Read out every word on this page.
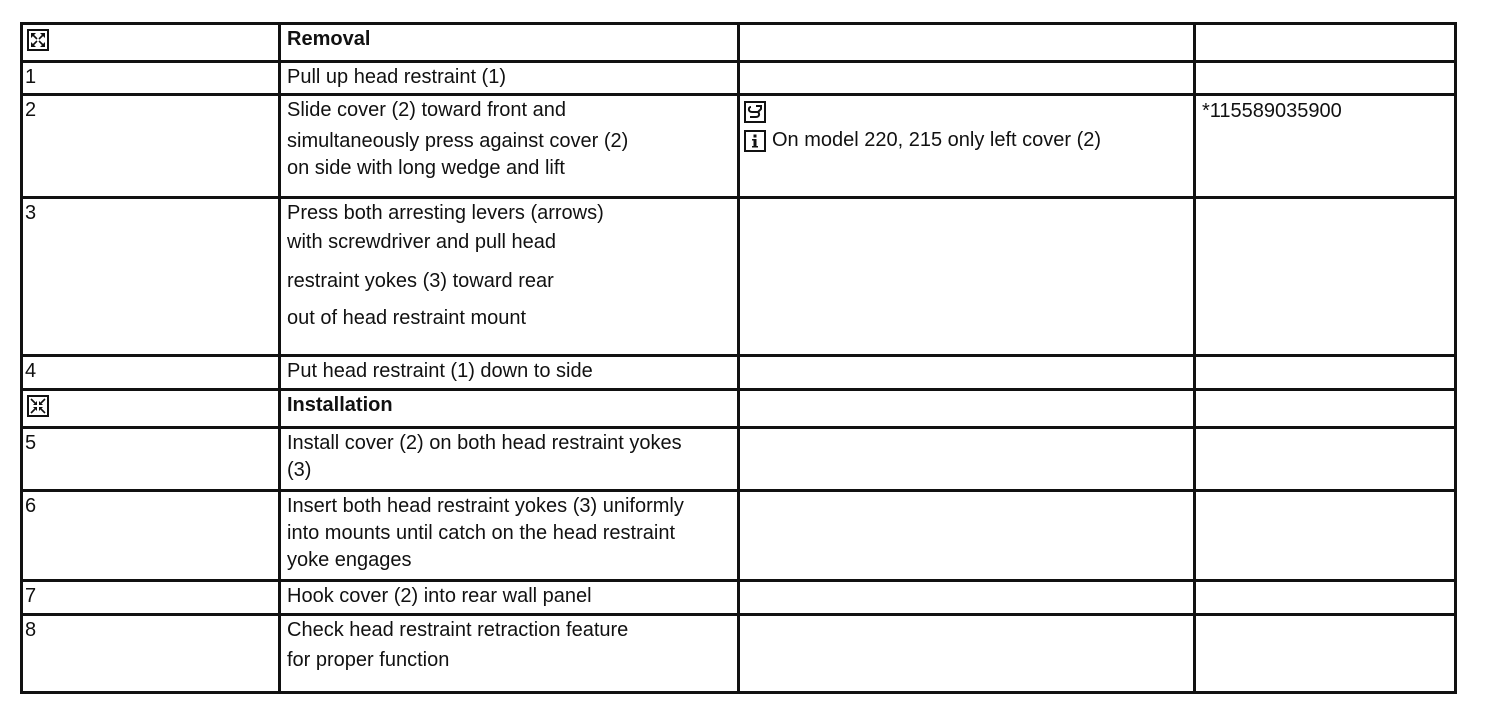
Removal		

1	Pull up head restraint (1)		

2	Slide cover (2) toward front and
simultaneously press against cover (2)
on side with long wedge and lift	On model 220, 215 only left cover (2)	*115589035900

3	Press both arresting levers (arrows)
with screwdriver and pull head
restraint yokes (3) toward rear
out of head restraint mount		

4	Put head restraint (1) down to side		

Installation		

5	Install cover (2) on both head restraint yokes
(3)		

6	Insert both head restraint yokes (3) uniformly
into mounts until catch on the head restraint
yoke engages		

7	Hook cover (2) into rear wall panel		

8	Check head restraint retraction feature
for proper function		
